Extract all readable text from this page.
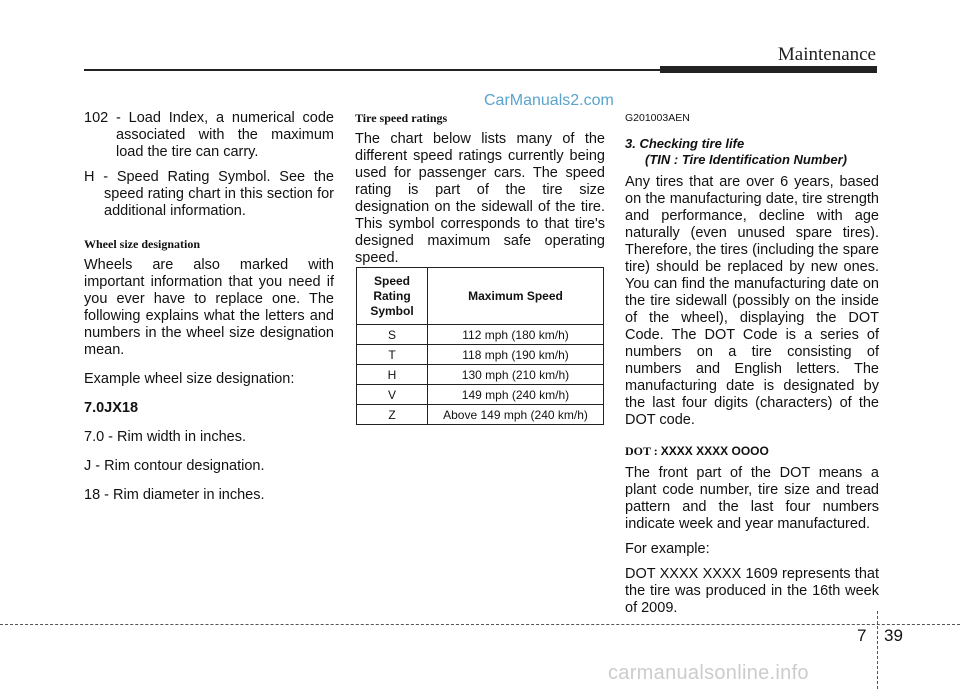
Maintenance
CarManuals2.com

102 - Load Index, a numerical code associated with the maximum load the tire can carry.

H - Speed Rating Symbol. See the speed rating chart in this section for additional information.

Wheel size designation

Wheels are also marked with important information that you need if you ever have to replace one. The following explains what the letters and numbers in the wheel size designation mean.

Example wheel size designation:

7.0JX18

7.0 - Rim width in inches.

J - Rim contour designation.

18 - Rim diameter in inches.

Tire speed ratings

The chart below lists many of the different speed ratings currently being used for passenger cars. The speed rating is part of the tire size designation on the sidewall of the tire. This symbol corresponds to that tire's designed maximum safe operating speed.

Speed Rating Symbol	Maximum Speed
S	112 mph (180 km/h)
T	118 mph (190 km/h)
H	130 mph (210 km/h)
V	149 mph (240 km/h)
Z	Above 149 mph (240 km/h)

G201003AEN

3. Checking tire life

(TIN : Tire Identification Number)

Any tires that are over 6 years, based on the manufacturing date, tire strength and performance, decline with age naturally (even unused spare tires). Therefore, the tires (including the spare tire) should be replaced by new ones. You can find the manufacturing date on the tire sidewall (possibly on the inside of the wheel), displaying the DOT Code. The DOT Code is a series of numbers on a tire consisting of numbers and English letters. The manufacturing date is designated by the last four digits (characters) of the DOT code.

DOT : XXXX XXXX OOOO

The front part of the DOT means a plant code number, tire size and tread pattern and the last four numbers indicate week and year manufactured.

For example:

DOT XXXX XXXX 1609 represents that the tire was produced in the 16th week of 2009.

7 39
carmanualsonline.info
